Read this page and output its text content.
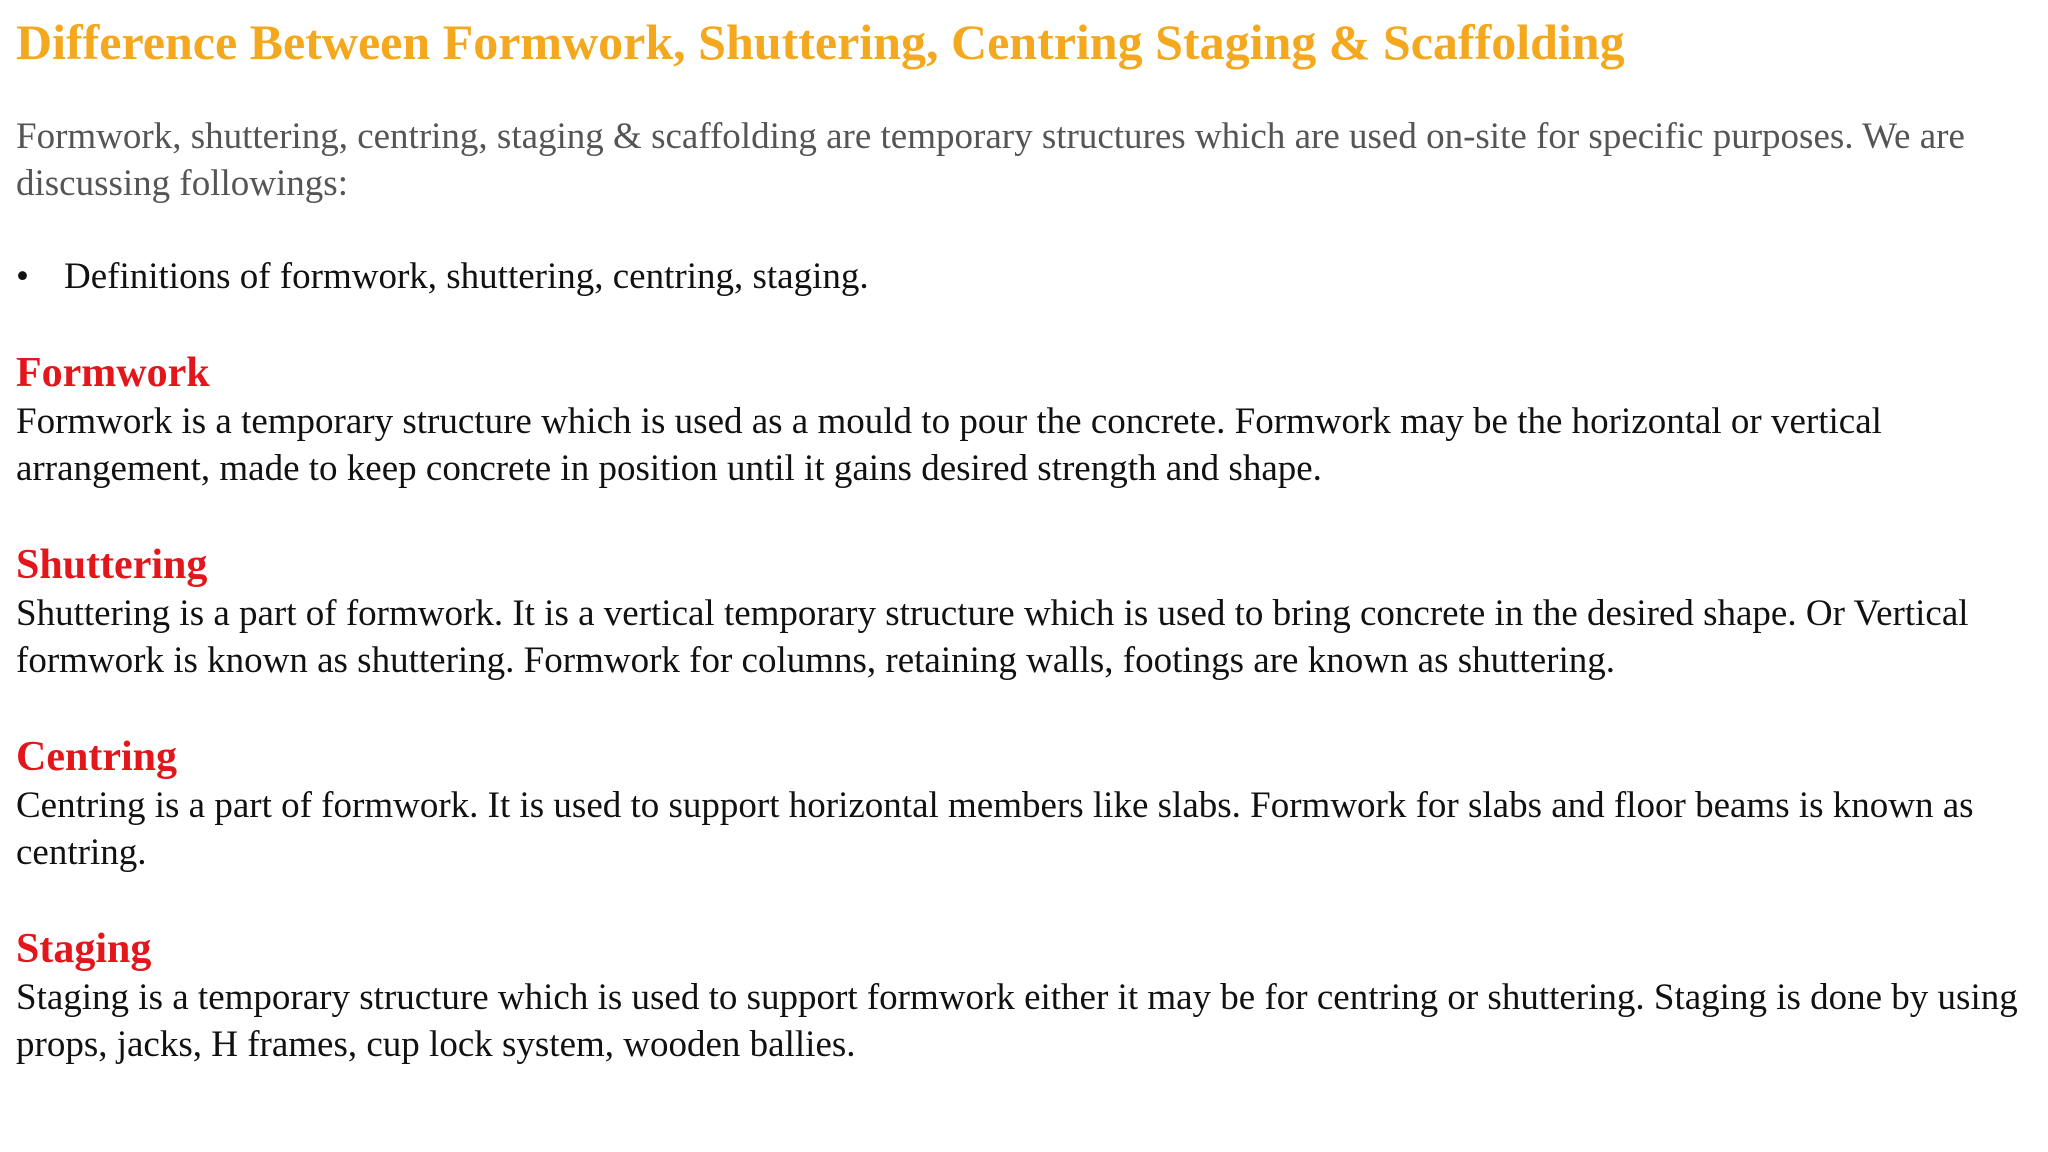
Difference Between Formwork, Shuttering, Centring Staging & Scaffolding

Formwork, shuttering, centring, staging & scaffolding are temporary structures which are used on-site for specific purposes. We are discussing followings:

• Definitions of formwork, shuttering, centring, staging.
Formwork

Formwork is a temporary structure which is used as a mould to pour the concrete. Formwork may be the horizontal or vertical arrangement, made to keep concrete in position until it gains desired strength and shape.

Shuttering

Shuttering is a part of formwork. It is a vertical temporary structure which is used to bring concrete in the desired shape. Or Vertical formwork is known as shuttering. Formwork for columns, retaining walls, footings are known as shuttering.

Centring

Centring is a part of formwork. It is used to support horizontal members like slabs. Formwork for slabs and floor beams is known as centring.

Staging

Staging is a temporary structure which is used to support formwork either it may be for centring or shuttering. Staging is done by using props, jacks, H frames, cup lock system, wooden ballies.
